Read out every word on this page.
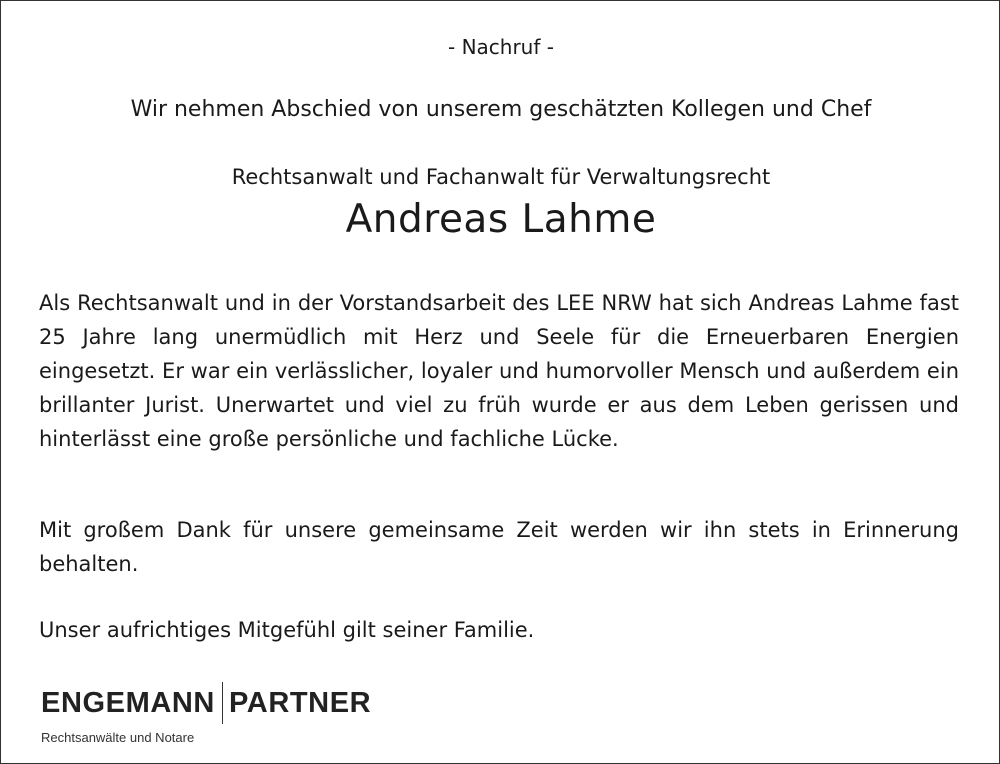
- Nachruf -
Wir nehmen Abschied von unserem geschätzten Kollegen und Chef
Rechtsanwalt und Fachanwalt für Verwaltungsrecht
Andreas Lahme
Als Rechtsanwalt und in der Vorstandsarbeit des LEE NRW hat sich Andreas Lahme fast 25 Jahre lang unermüdlich mit Herz und Seele für die Erneuerbaren Energien eingesetzt. Er war ein verlässlicher, loyaler und humorvoller Mensch und außerdem ein brillanter Jurist. Unerwartet und viel zu früh wurde er aus dem Leben gerissen und hinterlässt eine große persönliche und fachliche Lücke.
Mit großem Dank für unsere gemeinsame Zeit werden wir ihn stets in Erinnerung behalten.
Unser aufrichtiges Mitgefühl gilt seiner Familie.
ENGEMANN PARTNER
Rechtsanwälte und Notare
